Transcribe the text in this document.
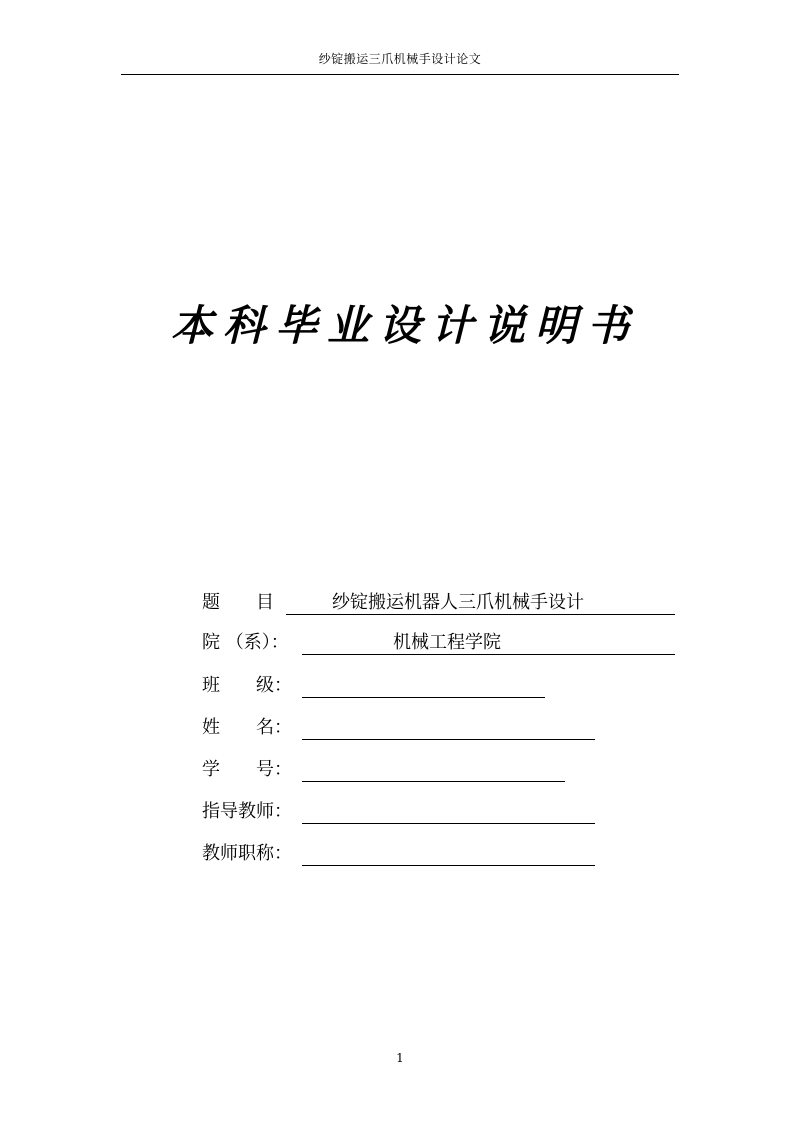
纱锭搬运三爪机械手设计论文
本科毕业设计说明书
题　　目	纱锭搬运机器人三爪机械手设计
院 （系）：	机械工程学院
班　　级：
姓　　名：
学　　号：
指导教师：
教师职称：
1
